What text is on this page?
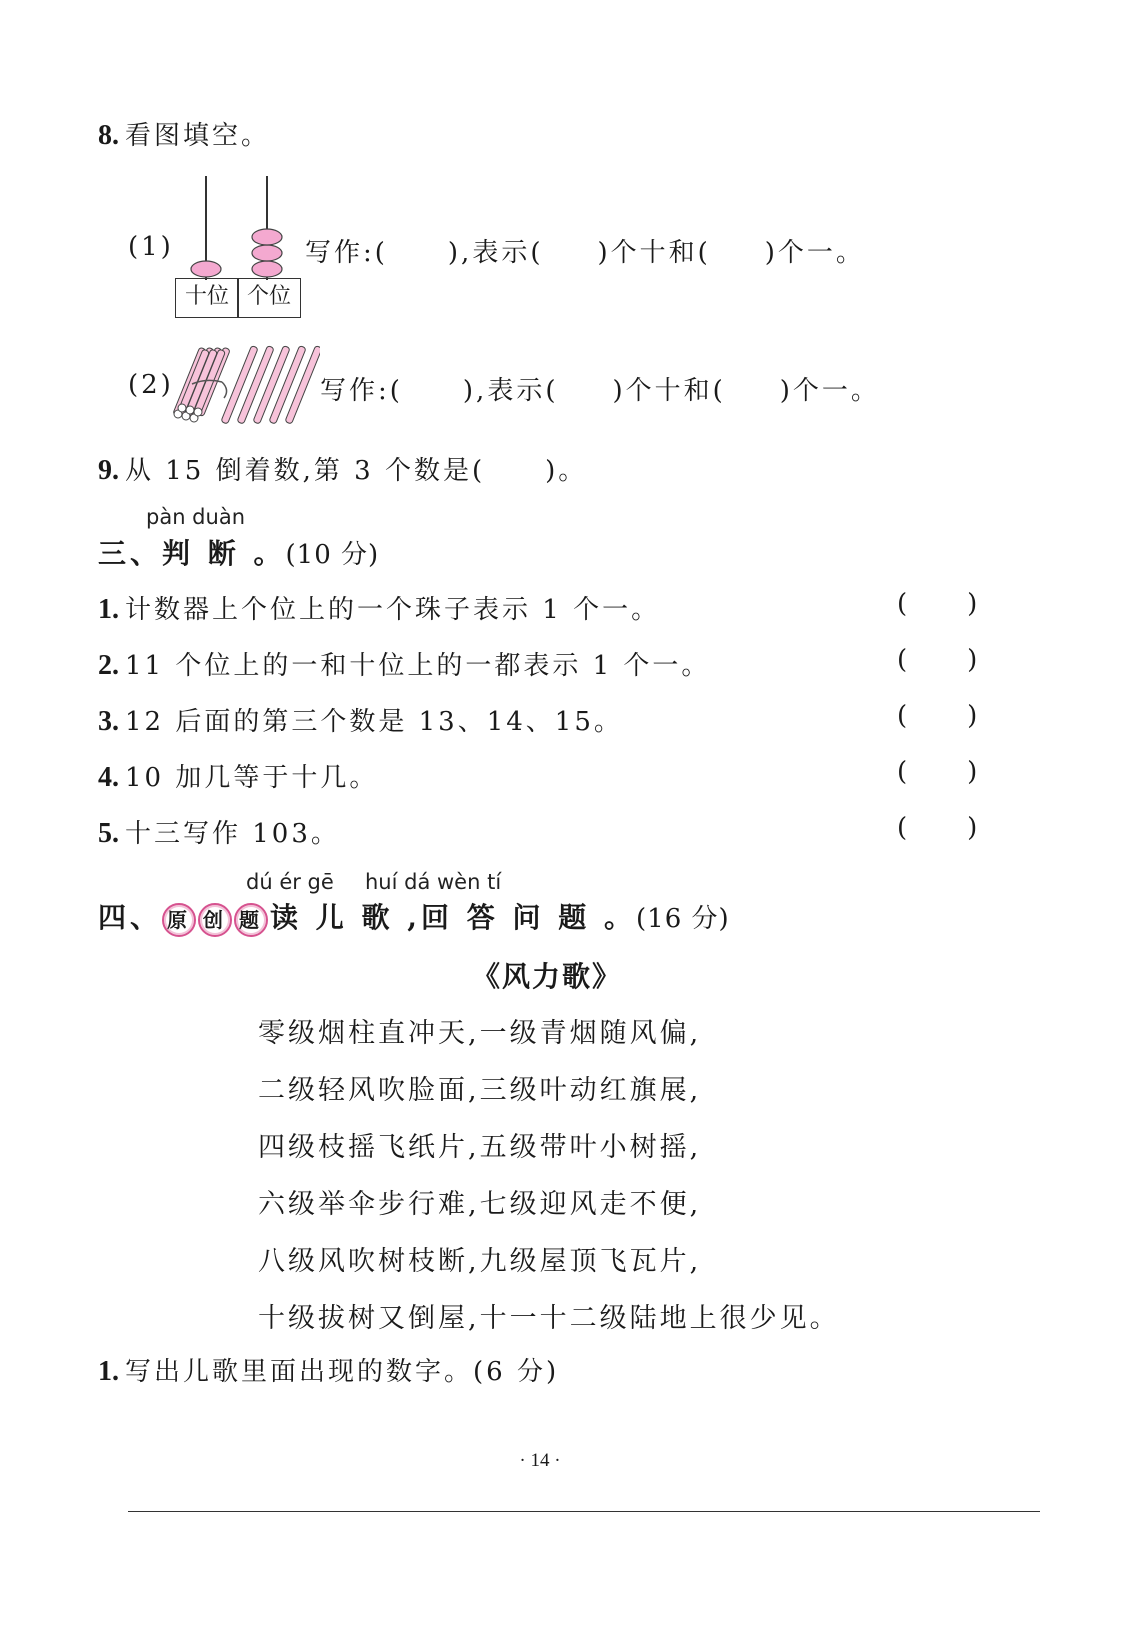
8. 看图填空。
(1)
十位 个位
写作:( ),表示( )个十和( )个一。
(2)	写作:( ),表示( )个十和( )个一。
9. 从 15 倒着数,第 3 个数是( )。
pàn duàn
三、判 断 。(10 分)
1. 计数器上个位上的一个珠子表示 1 个一。
2. 11 个位上的一和十位上的一都表示 1 个一。
3. 12 后面的第三个数是 13、14、15。
4. 10 加几等于十几。
5. 十三写作 103。
( )
( )
( )
( )
( )
dú ér gē huí dá wèn tí
四、 原 创 题 读 儿 歌 ,回 答 问 题 。(16 分)
《风力歌》
零级烟柱直冲天,一级青烟随风偏,
二级轻风吹脸面,三级叶动红旗展,
四级枝摇飞纸片,五级带叶小树摇,
六级举伞步行难,七级迎风走不便,
八级风吹树枝断,九级屋顶飞瓦片,
十级拔树又倒屋,十一十二级陆地上很少见。
1. 写出儿歌里面出现的数字。(6 分)
· 14 ·
